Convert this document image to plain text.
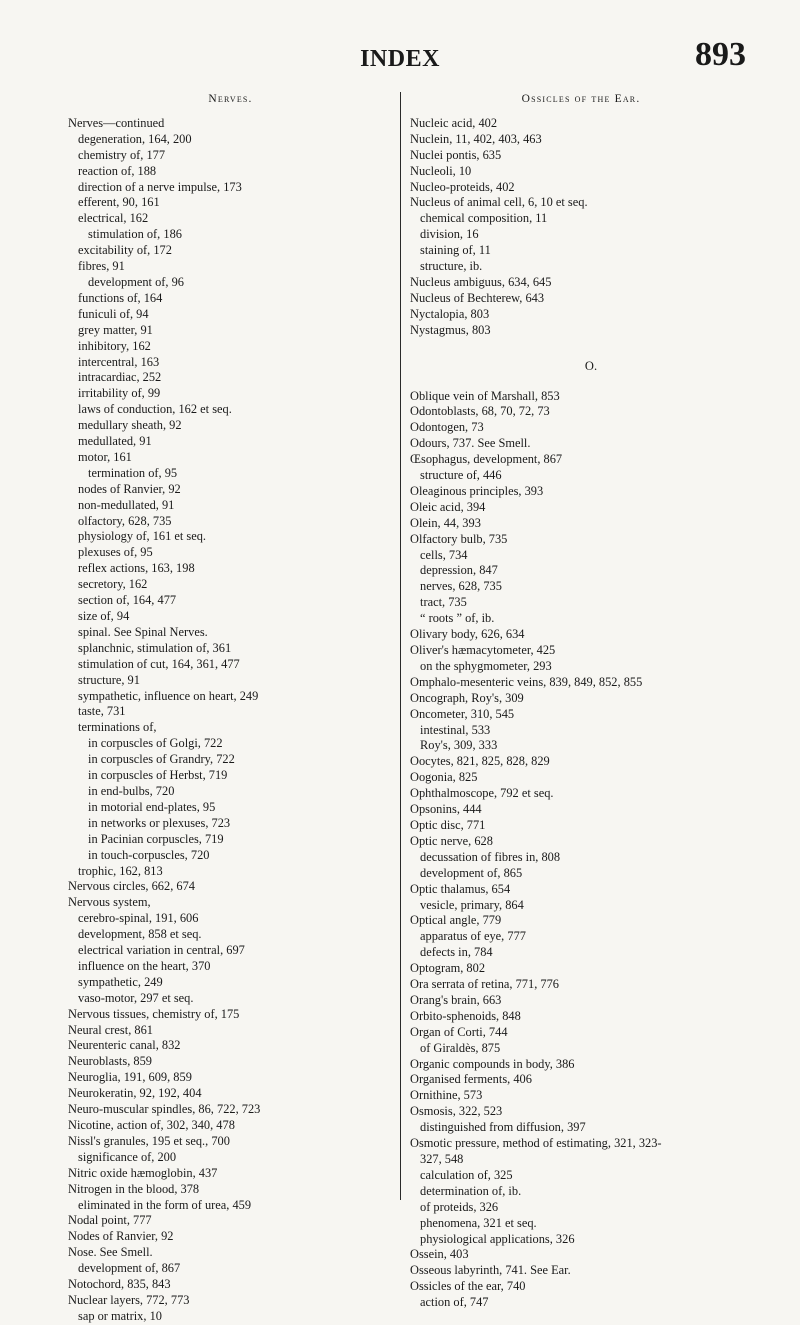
INDEX	893
Nerves.
Nerves—continued
degeneration, 164, 200
chemistry of, 177
reaction of, 188
direction of a nerve impulse, 173
efferent, 90, 161
electrical, 162
stimulation of, 186
excitability of, 172
fibres, 91
development of, 96
functions of, 164
funiculi of, 94
grey matter, 91
inhibitory, 162
intercentral, 163
intracardiac, 252
irritability of, 99
laws of conduction, 162 et seq.
medullary sheath, 92
medullated, 91
motor, 161
termination of, 95
nodes of Ranvier, 92
non-medullated, 91
olfactory, 628, 735
physiology of, 161 et seq.
plexuses of, 95
reflex actions, 163, 198
secretory, 162
section of, 164, 477
size of, 94
spinal. See Spinal Nerves.
splanchnic, stimulation of, 361
stimulation of cut, 164, 361, 477
structure, 91
sympathetic, influence on heart, 249
taste, 731
terminations of,
in corpuscles of Golgi, 722
in corpuscles of Grandry, 722
in corpuscles of Herbst, 719
in end-bulbs, 720
in motorial end-plates, 95
in networks or plexuses, 723
in Pacinian corpuscles, 719
in touch-corpuscles, 720
trophic, 162, 813
Nervous circles, 662, 674
Nervous system,
cerebro-spinal, 191, 606
development, 858 et seq.
electrical variation in central, 697
influence on the heart, 370
sympathetic, 249
vaso-motor, 297 et seq.
Nervous tissues, chemistry of, 175
Neural crest, 861
Neurenteric canal, 832
Neuroblasts, 859
Neuroglia, 191, 609, 859
Neurokeratin, 92, 192, 404
Neuro-muscular spindles, 86, 722, 723
Nicotine, action of, 302, 340, 478
Nissl's granules, 195 et seq., 700
significance of, 200
Nitric oxide hæmoglobin, 437
Nitrogen in the blood, 378
eliminated in the form of urea, 459
Nodal point, 777
Nodes of Ranvier, 92
Nose. See Smell.
development of, 867
Notochord, 835, 843
Nuclear layers, 772, 773
sap or matrix, 10
Ossicles of the Ear.
Nucleic acid, 402
Nuclein, 11, 402, 403, 463
Nuclei pontis, 635
Nucleoli, 10
Nucleo-proteids, 402
Nucleus of animal cell, 6, 10 et seq.
chemical composition, 11
division, 16
staining of, 11
structure, ib.
Nucleus ambiguus, 634, 645
Nucleus of Bechterew, 643
Nyctalopia, 803
Nystagmus, 803
O.
Oblique vein of Marshall, 853
Odontoblasts, 68, 70, 72, 73
Odontogen, 73
Odours, 737. See Smell.
Œsophagus, development, 867
structure of, 446
Oleaginous principles, 393
Oleic acid, 394
Olein, 44, 393
Olfactory bulb, 735
cells, 734
depression, 847
nerves, 628, 735
tract, 735
“ roots ” of, ib.
Olivary body, 626, 634
Oliver's hæmacytometer, 425
on the sphygmometer, 293
Omphalo-mesenteric veins, 839, 849, 852, 855
Oncograph, Roy's, 309
Oncometer, 310, 545
intestinal, 533
Roy's, 309, 333
Oocytes, 821, 825, 828, 829
Oogonia, 825
Ophthalmoscope, 792 et seq.
Opsonins, 444
Optic disc, 771
Optic nerve, 628
decussation of fibres in, 808
development of, 865
Optic thalamus, 654
vesicle, primary, 864
Optical angle, 779
apparatus of eye, 777
defects in, 784
Optogram, 802
Ora serrata of retina, 771, 776
Orang's brain, 663
Orbito-sphenoids, 848
Organ of Corti, 744
of Giraldès, 875
Organic compounds in body, 386
Organised ferments, 406
Ornithine, 573
Osmosis, 322, 523
distinguished from diffusion, 397
Osmotic pressure, method of estimating, 321, 323-
327, 548
calculation of, 325
determination of, ib.
of proteids, 326
phenomena, 321 et seq.
physiological applications, 326
Ossein, 403
Osseous labyrinth, 741. See Ear.
Ossicles of the ear, 740
action of, 747
